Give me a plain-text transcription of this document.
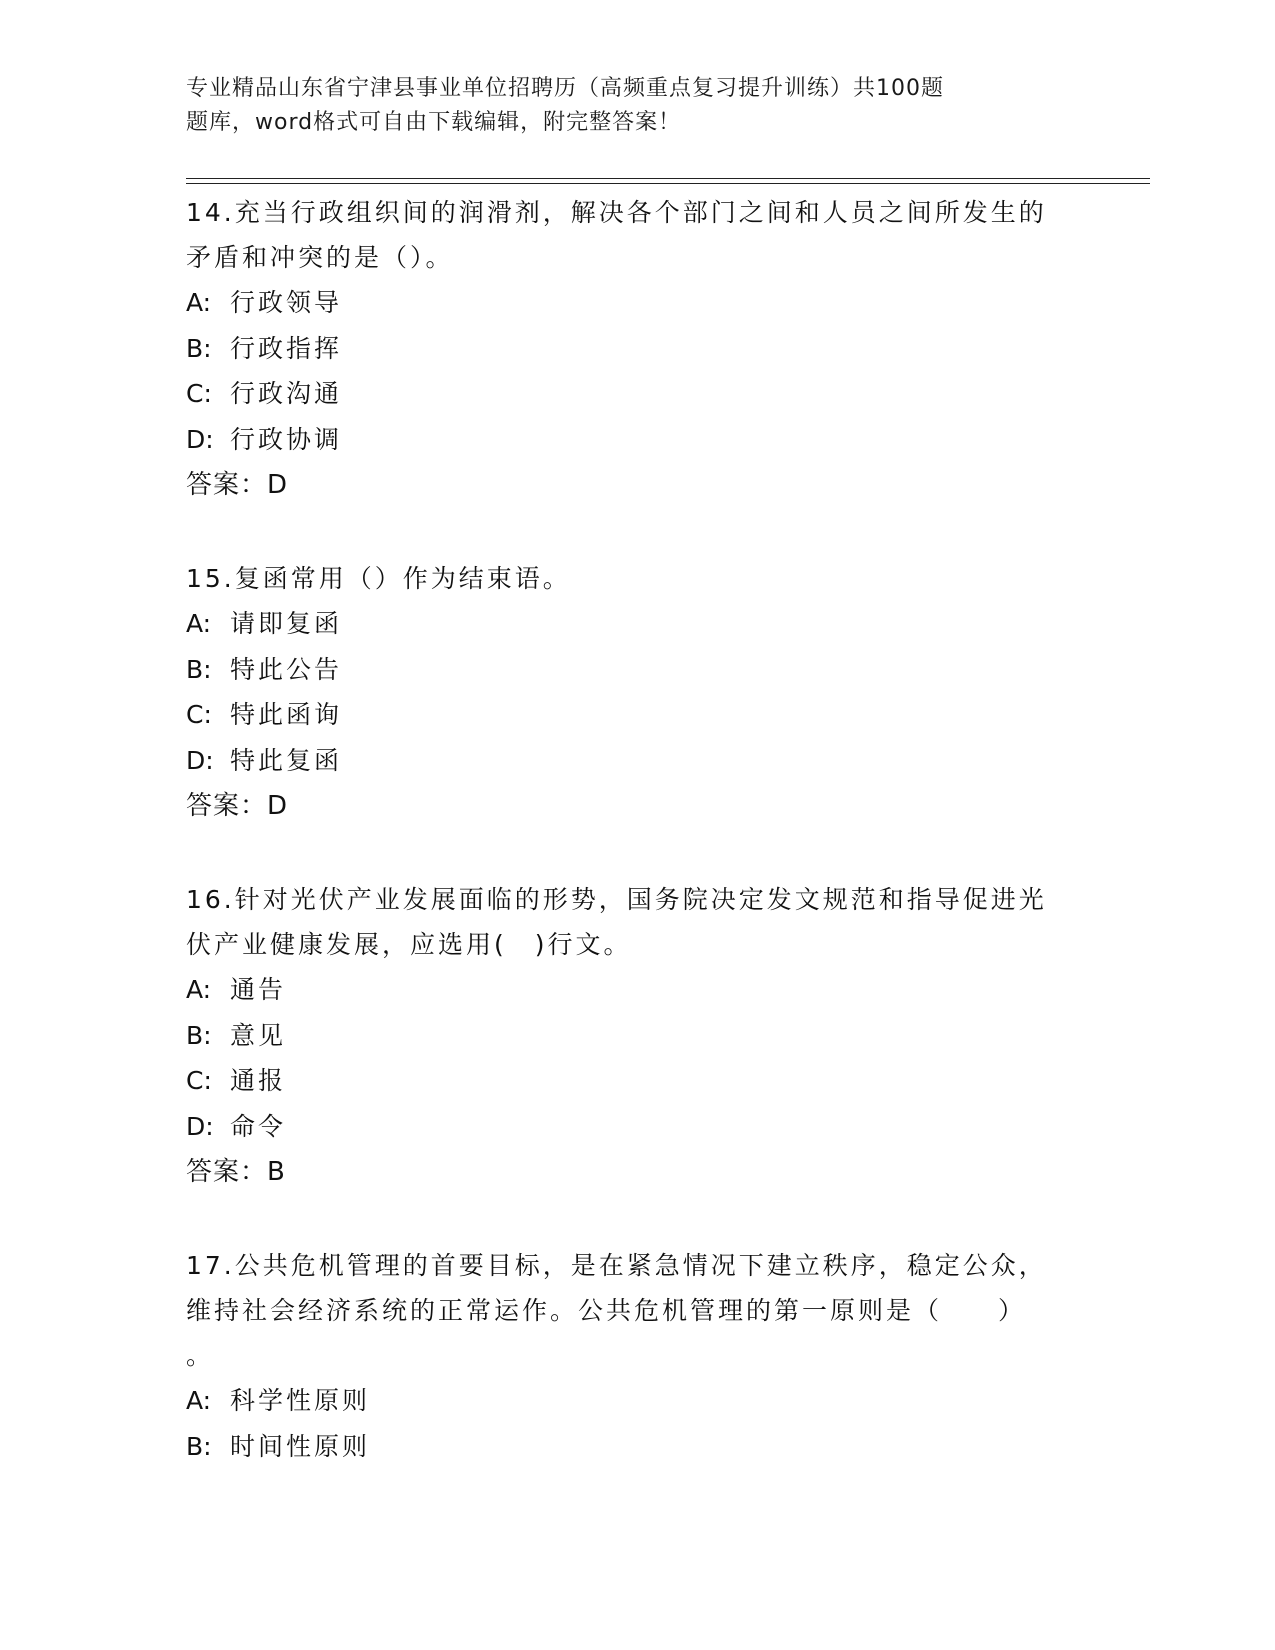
专业精品山东省宁津县事业单位招聘历（高频重点复习提升训练）共100题
题库，word格式可自由下载编辑，附完整答案！

14.充当行政组织间的润滑剂，解决各个部门之间和人员之间所发生的

矛盾和冲突的是（）。

A: 行政领导

B: 行政指挥

C: 行政沟通

D: 行政协调

答案：D

15.复函常用（）作为结束语。

A: 请即复函

B: 特此公告

C: 特此函询

D: 特此复函

答案：D

16.针对光伏产业发展面临的形势，国务院决定发文规范和指导促进光

伏产业健康发展，应选用(　)行文。

A: 通告

B: 意见

C: 通报

D: 命令

答案：B

17.公共危机管理的首要目标，是在紧急情况下建立秩序，稳定公众，

维持社会经济系统的正常运作。公共危机管理的第一原则是（　　）

。

A: 科学性原则

B: 时间性原则
